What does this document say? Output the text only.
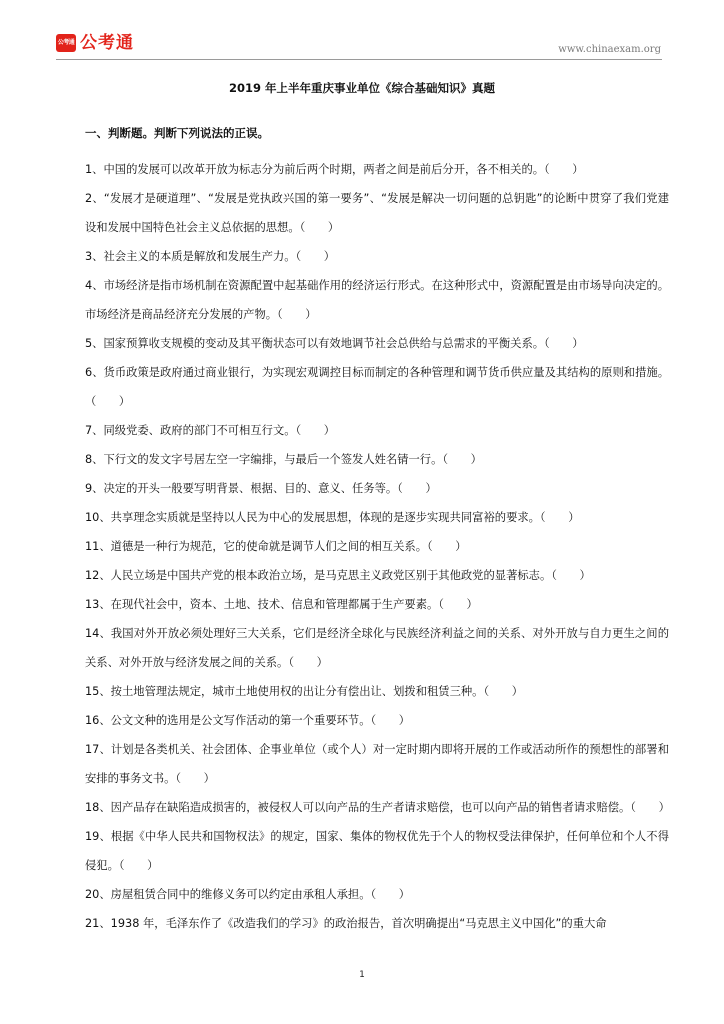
公考通 公考通	www.chinaexam.org
2019 年上半年重庆事业单位《综合基础知识》真题
一、判断题。判断下列说法的正误。
1、中国的发展可以改革开放为标志分为前后两个时期，两者之间是前后分开，各不相关的。（　　）
2、“发展才是硬道理”、“发展是党执政兴国的第一要务”、“发展是解决一切问题的总钥匙”的论断中贯穿了我们党建设和发展中国特色社会主义总依据的思想。（　　）
3、社会主义的本质是解放和发展生产力。（　　）
4、市场经济是指市场机制在资源配置中起基础作用的经济运行形式。在这种形式中，资源配置是由市场导向决定的。市场经济是商品经济充分发展的产物。（　　）
5、国家预算收支规模的变动及其平衡状态可以有效地调节社会总供给与总需求的平衡关系。（　　）
6、货币政策是政府通过商业银行，为实现宏观调控目标而制定的各种管理和调节货币供应量及其结构的原则和措施。（　　）
7、同级党委、政府的部门不可相互行文。（　　）
8、下行文的发文字号居左空一字编排，与最后一个签发人姓名锖一行。（　　）
9、决定的开头一般要写明背景、根据、目的、意义、任务等。（　　）
10、共享理念实质就是坚持以人民为中心的发展思想，体现的是逐步实现共同富裕的要求。（　　）
11、道德是一种行为规范，它的使命就是调节人们之间的相互关系。（　　）
12、人民立场是中国共产党的根本政治立场，是马克思主义政党区别于其他政党的显著标志。（　　）
13、在现代社会中，资本、土地、技术、信息和管理都属于生产要素。（　　）
14、我国对外开放必须处理好三大关系，它们是经济全球化与民族经济利益之间的关系、对外开放与自力更生之间的关系、对外开放与经济发展之间的关系。（　　）
15、按土地管理法规定，城市土地使用权的出让分有偿出让、划拨和租赁三种。（　　）
16、公文文种的选用是公文写作活动的第一个重要环节。（　　）
17、计划是各类机关、社会团体、企事业单位（或个人）对一定时期内即将开展的工作或活动所作的预想性的部署和安排的事务文书。（　　）
18、因产品存在缺陷造成损害的，被侵权人可以向产品的生产者请求赔偿，也可以向产品的销售者请求赔偿。（　　）
19、根据《中华人民共和国物权法》的规定，国家、集体的物权优先于个人的物权受法律保护，任何单位和个人不得侵犯。（　　）
20、房屋租赁合同中的维修义务可以约定由承租人承担。（　　）
21、1938 年，毛泽东作了《改造我们的学习》的政治报告，首次明确提出“马克思主义中国化”的重大命
1
